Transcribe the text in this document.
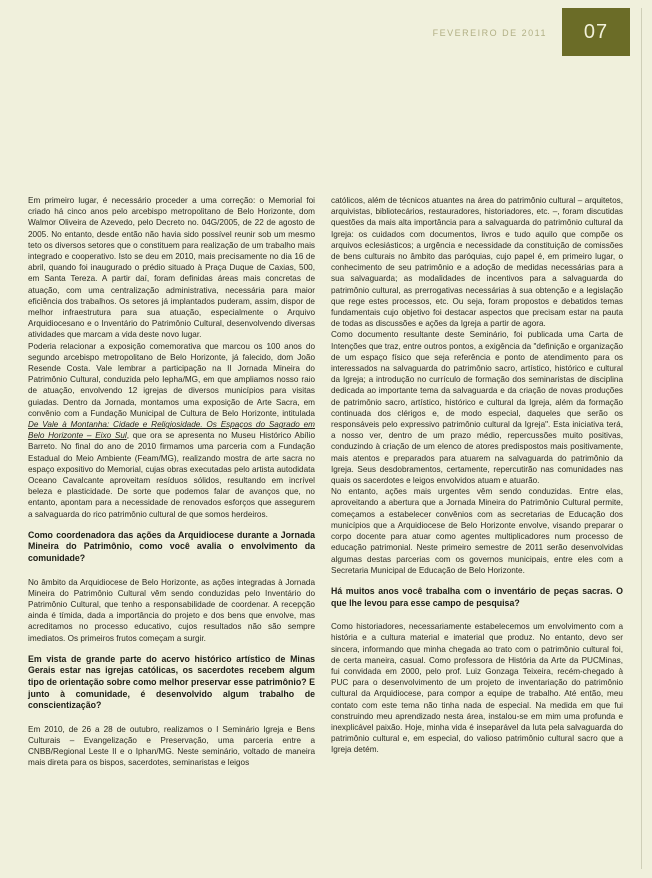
FEVEREIRO DE 2011 07

Em primeiro lugar, é necessário proceder a uma correção: o Memorial foi criado há cinco anos pelo arcebispo metropolitano de Belo Horizonte, dom Walmor Oliveira de Azevedo, pelo Decreto no. 04G/2005, de 22 de agosto de 2005. No entanto, desde então não havia sido possível reunir sob um mesmo teto os diversos setores que o constituem para realização de um trabalho mais integrado e cooperativo. Isto se deu em 2010, mais precisamente no dia 16 de abril, quando foi inaugurado o prédio situado à Praça Duque de Caxias, 500, em Santa Tereza. A partir daí, foram definidas áreas mais concretas de atuação, com uma centralização administrativa, necessária para maior eficiência dos trabalhos. Os setores já implantados puderam, assim, dispor de melhor infraestrutura para sua atuação, especialmente o Arquivo Arquidiocesano e o Inventário do Patrimônio Cultural, desenvolvendo diversas atividades que marcam a vida deste novo lugar.

Poderia relacionar a exposição comemorativa que marcou os 100 anos do segundo arcebispo metropolitano de Belo Horizonte, já falecido, dom João Resende Costa. Vale lembrar a participação na II Jornada Mineira do Patrimônio Cultural, conduzida pelo Iepha/MG, em que ampliamos nosso raio de atuação, envolvendo 12 igrejas de diversos municípios para visitas guiadas. Dentro da Jornada, montamos uma exposição de Arte Sacra, em convênio com a Fundação Municipal de Cultura de Belo Horizonte, intitulada De Vale à Montanha: Cidade e Religiosidade. Os Espaços do Sagrado em Belo Horizonte – Eixo Sul, que ora se apresenta no Museu Histórico Abílio Barreto. No final do ano de 2010 firmamos uma parceria com a Fundação Estadual do Meio Ambiente (Feam/MG), realizando mostra de arte sacra no espaço expositivo do Memorial, cujas obras executadas pelo artista autodidata Oceano Cavalcante aproveitam resíduos sólidos, resultando em incrível beleza e plasticidade. De sorte que podemos falar de avanços que, no entanto, apontam para a necessidade de renovados esforços que assegurem a salvaguarda do rico patrimônio cultural de que somos herdeiros.

Como coordenadora das ações da Arquidiocese durante a Jornada Mineira do Patrimônio, como você avalia o envolvimento da comunidade?

No âmbito da Arquidiocese de Belo Horizonte, as ações integradas à Jornada Mineira do Patrimônio Cultural vêm sendo conduzidas pelo Inventário do Patrimônio Cultural, que tenho a responsabilidade de coordenar. A recepção ainda é tímida, dada a importância do projeto e dos bens que envolve, mas acreditamos no processo educativo, cujos resultados não são sempre imediatos. Os primeiros frutos começam a surgir.

Em vista de grande parte do acervo histórico artístico de Minas Gerais estar nas igrejas católicas, os sacerdotes recebem algum tipo de orientação sobre como melhor preservar esse patrimônio? E junto à comunidade, é desenvolvido algum trabalho de conscientização?

Em 2010, de 26 a 28 de outubro, realizamos o I Seminário Igreja e Bens Culturais – Evangelização e Preservação, uma parceria entre a CNBB/Regional Leste II e o Iphan/MG. Neste seminário, voltado de maneira mais direta para os bispos, sacerdotes, seminaristas e leigos

católicos, além de técnicos atuantes na área do patrimônio cultural – arquitetos, arquivistas, bibliotecários, restauradores, historiadores, etc. –, foram discutidas questões da mais alta importância para a salvaguarda do patrimônio cultural da Igreja: os cuidados com documentos, livros e tudo aquilo que compõe os arquivos eclesiásticos; a urgência e necessidade da constituição de comissões de bens culturais no âmbito das paróquias, cujo papel é, em primeiro lugar, o conhecimento de seu patrimônio e a adoção de medidas necessárias para a sua salvaguarda; as modalidades de incentivos para a salvaguarda do patrimônio cultural, as prerrogativas necessárias à sua obtenção e a legislação que rege estes processos, etc. Ou seja, foram propostos e debatidos temas fundamentais cujo objetivo foi destacar aspectos que precisam estar na pauta de todas as discussões e ações da Igreja a partir de agora.

Como documento resultante deste Seminário, foi publicada uma Carta de Intenções que traz, entre outros pontos, a exigência da "definição e organização de um espaço físico que seja referência e ponto de atendimento para os interessados na salvaguarda do patrimônio sacro, artístico, histórico e cultural da Igreja; a introdução no currículo de formação dos seminaristas de disciplina dedicada ao importante tema da salvaguarda e da criação de novas produções de patrimônio sacro, artístico, histórico e cultural da Igreja, além da formação continuada dos clérigos e, de modo especial, daqueles que serão os responsáveis pelo expressivo patrimônio cultural da Igreja". Esta iniciativa terá, a nosso ver, dentro de um prazo médio, repercussões muito positivas, conduzindo à criação de um elenco de atores predispostos mais positivamente, mais atentos e preparados para atuarem na salvaguarda do patrimônio da Igreja. Seus desdobramentos, certamente, repercutirão nas comunidades nas quais os sacerdotes e leigos envolvidos atuam e atuarão.

No entanto, ações mais urgentes vêm sendo conduzidas. Entre elas, aproveitando a abertura que a Jornada Mineira do Patrimônio Cultural permite, começamos a estabelecer convênios com as secretarias de Educação dos municípios que a Arquidiocese de Belo Horizonte envolve, visando preparar o corpo docente para atuar como agentes multiplicadores num processo de educação patrimonial. Neste primeiro semestre de 2011 serão desenvolvidas algumas destas parcerias com os governos municipais, entre eles com a Secretaria Municipal de Educação de Belo Horizonte.

Há muitos anos você trabalha com o inventário de peças sacras. O que lhe levou para esse campo de pesquisa?

Como historiadores, necessariamente estabelecemos um envolvimento com a história e a cultura material e imaterial que produz. No entanto, devo ser sincera, informando que minha chegada ao trato com o patrimônio cultural foi, de certa maneira, casual. Como professora de História da Arte da PUCMinas, fui convidada em 2000, pelo prof. Luiz Gonzaga Teixeira, recém-chegado à PUC para o desenvolvimento de um projeto de inventariação do patrimônio cultural da Arquidiocese, para compor a equipe de trabalho. Até então, meu contato com este tema não tinha nada de especial. Na medida em que fui construindo meu aprendizado nesta área, instalou-se em mim uma profunda e inexplicável paixão. Hoje, minha vida é inseparável da luta pela salvaguarda do patrimônio cultural e, em especial, do valioso patrimônio cultural sacro que a Igreja detém.
